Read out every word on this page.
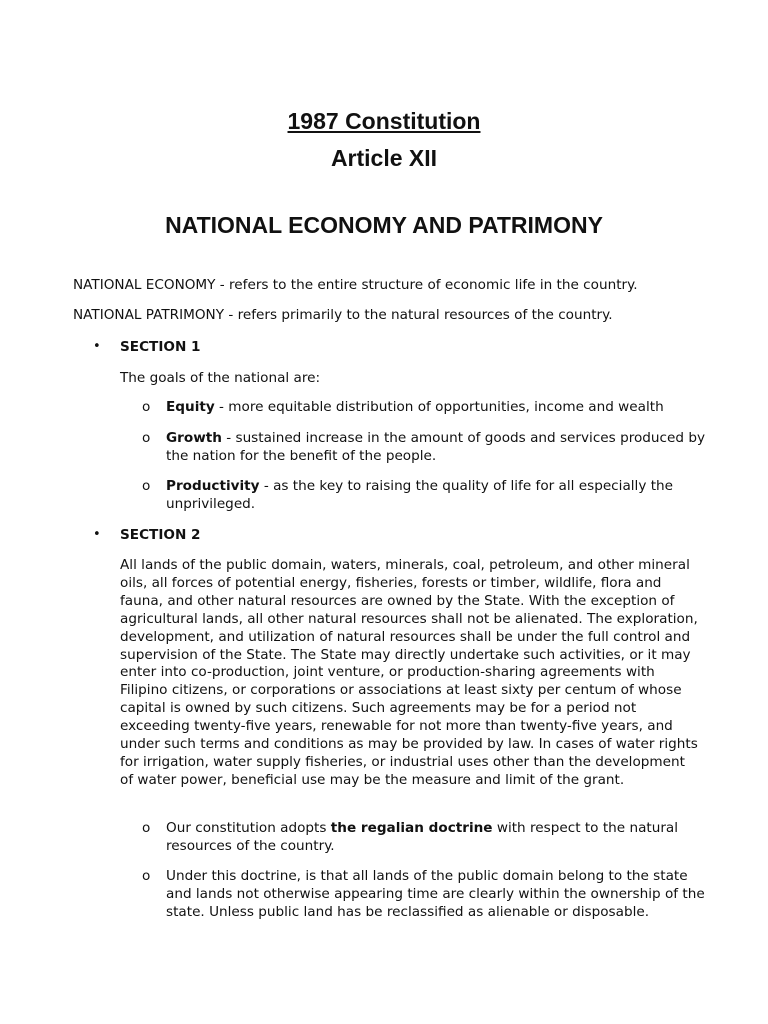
1987 Constitution
Article XII
NATIONAL ECONOMY AND PATRIMONY
NATIONAL ECONOMY - refers to the entire structure of economic life in the country.
NATIONAL PATRIMONY - refers primarily to the natural resources of the country.
• SECTION 1
The goals of the national are:
o Equity - more equitable distribution of opportunities, income and wealth
o Growth - sustained increase in the amount of goods and services produced by the nation for the benefit of the people.
o Productivity - as the key to raising the quality of life for all especially the unprivileged.
• SECTION 2
All lands of the public domain, waters, minerals, coal, petroleum, and other mineral oils, all forces of potential energy, fisheries, forests or timber, wildlife, flora and fauna, and other natural resources are owned by the State. With the exception of agricultural lands, all other natural resources shall not be alienated. The exploration, development, and utilization of natural resources shall be under the full control and supervision of the State. The State may directly undertake such activities, or it may enter into co-production, joint venture, or production-sharing agreements with Filipino citizens, or corporations or associations at least sixty per centum of whose capital is owned by such citizens. Such agreements may be for a period not exceeding twenty-five years, renewable for not more than twenty-five years, and under such terms and conditions as may be provided by law. In cases of water rights for irrigation, water supply fisheries, or industrial uses other than the development of water power, beneficial use may be the measure and limit of the grant.
o Our constitution adopts the regalian doctrine with respect to the natural resources of the country.
o Under this doctrine, is that all lands of the public domain belong to the state and lands not otherwise appearing time are clearly within the ownership of the state. Unless public land has be reclassified as alienable or disposable.
